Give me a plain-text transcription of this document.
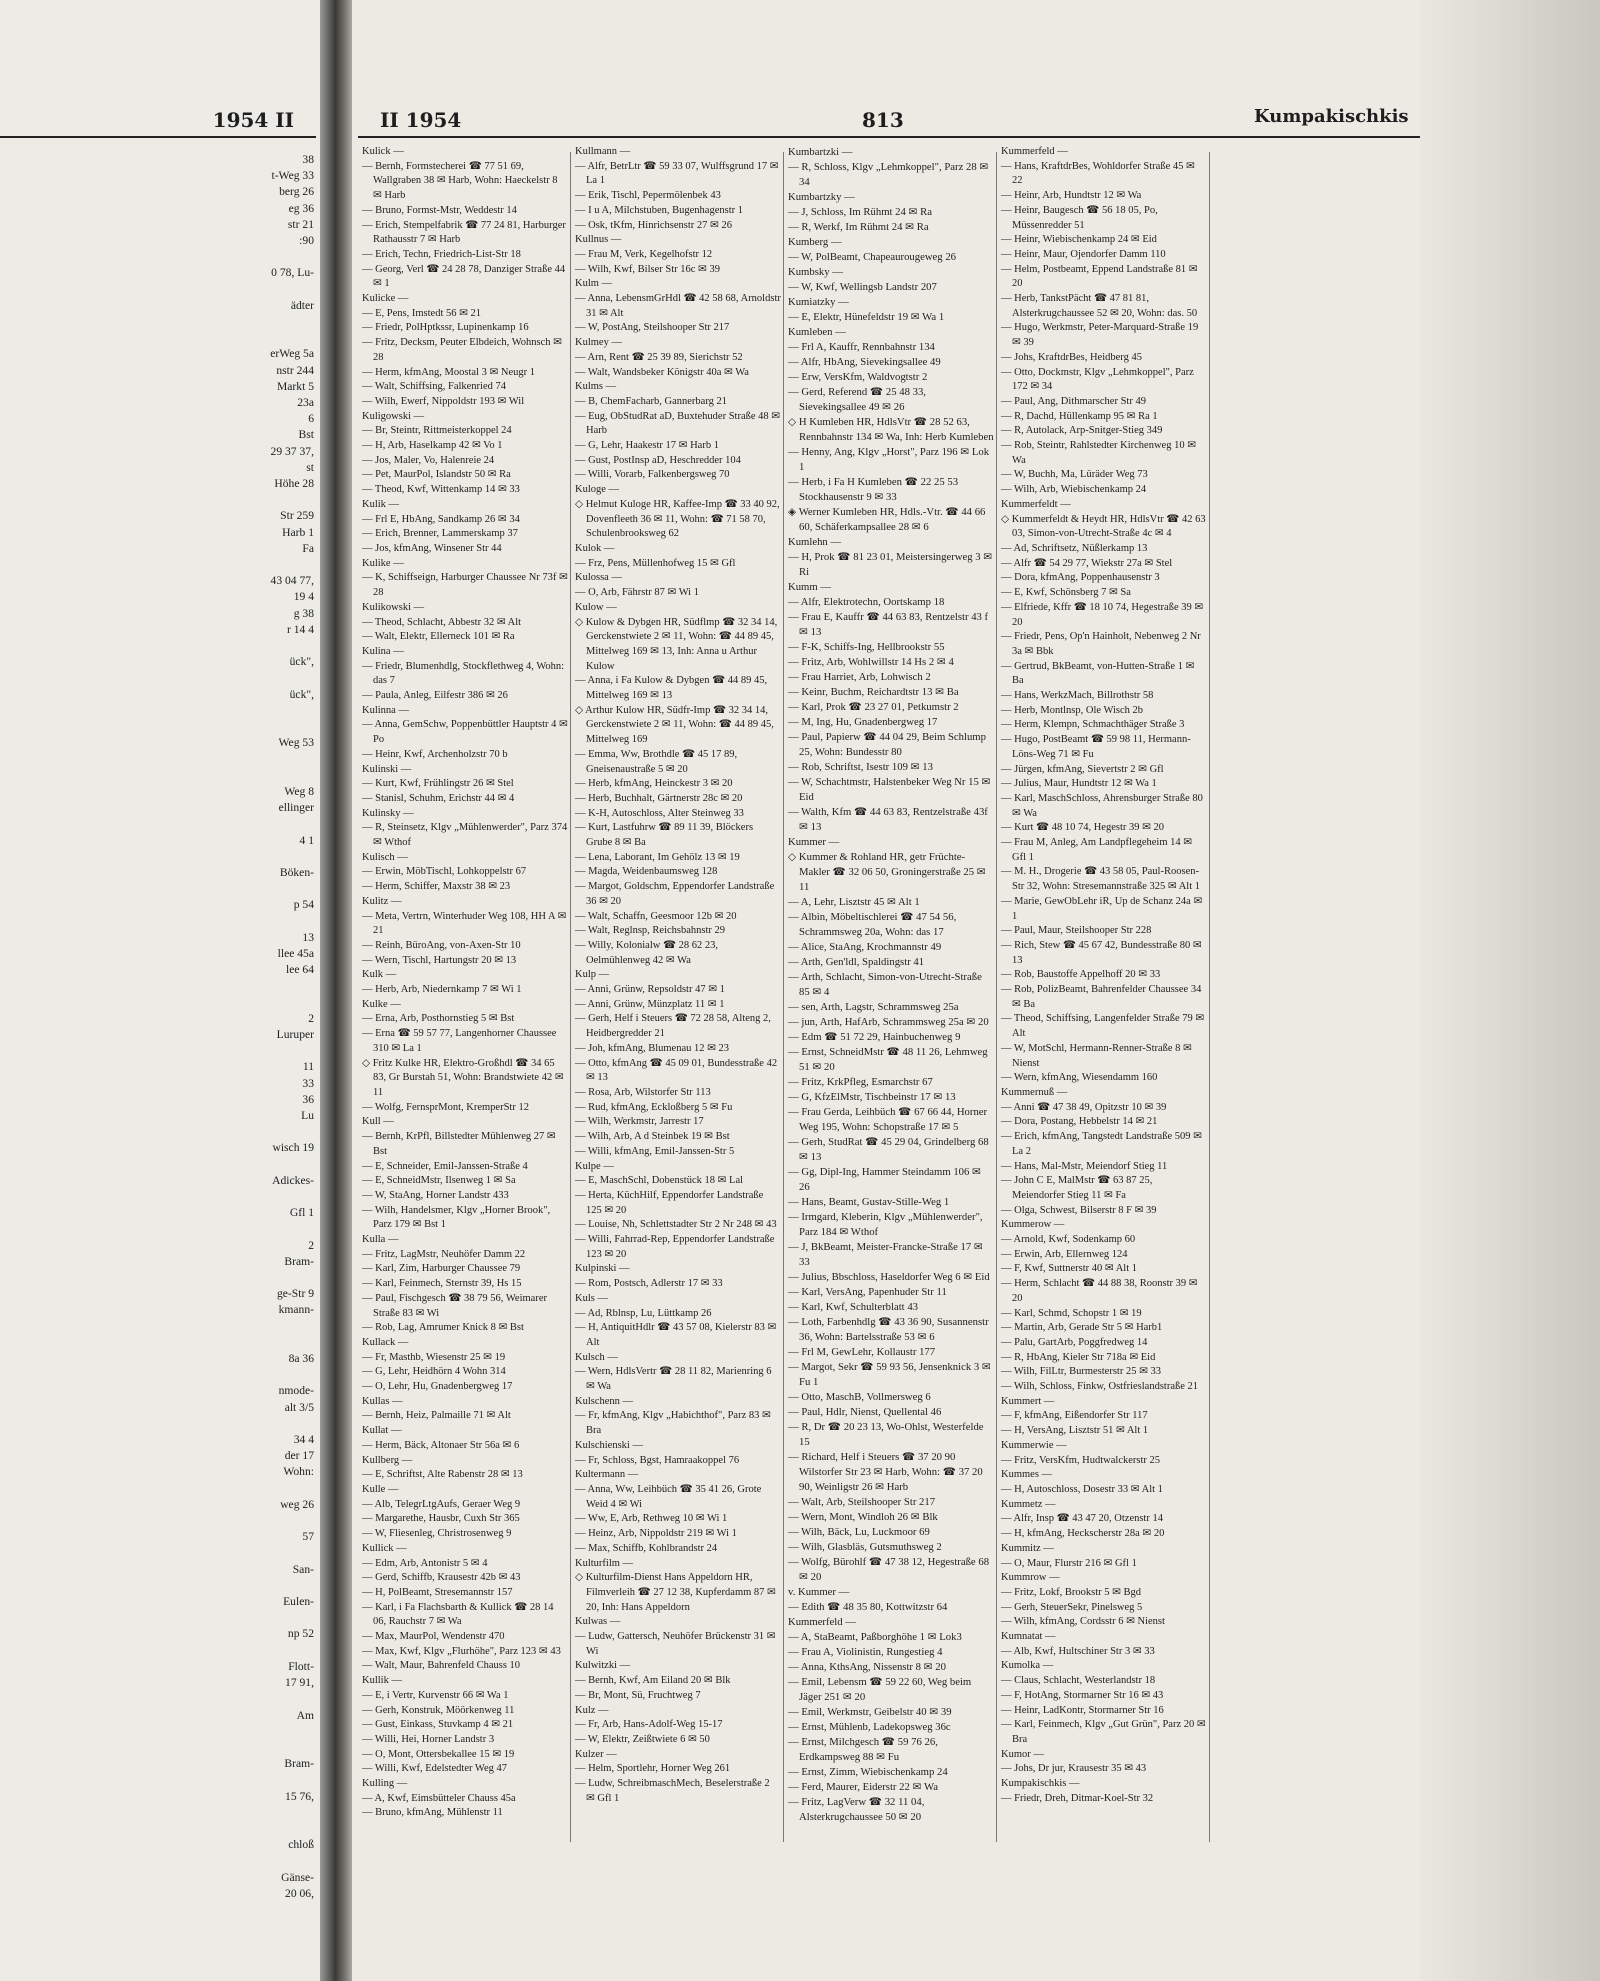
1954 II
38
t-Weg 33
berg 26
eg 36
str 21
:90

0 78, Lu-

ädter

erWeg 5a
nstr 244
Markt 5
23a
6
Bst
29 37 37,
st
Höhe 28

Str 259
Harb 1
Fa

43 04 77,
19 4
g 38
r 14 4

ück",

ück",

Weg 53

Weg 8
ellinger

4 1

Böken-

p 54

13
llee 45a
lee 64

2
Luruper

11
33
36
Lu

wisch 19

Adickes-

Gfl 1

2
Bram-

ge-Str 9
kmann-

8a 36

nmode-
alt 3/5

34 4
der 17
Wohn:

weg 26

57

San-

Eulen-

np 52

Flott-
17 91,

Am

Bram-

15 76,

chloß

Gänse-
20 06,
II 1954	813	Kumpakischkis
Kulick —
— Bernh, Formstecherei ☎ 77 51 69, Wallgraben 38 ✉ Harb, Wohn: Haeckelstr 8 ✉ Harb
— Bruno, Formst-Mstr, Weddestr 14
— Erich, Stempelfabrik ☎ 77 24 81, Harburger Rathausstr 7 ✉ Harb
— Erich, Techn, Friedrich-List-Str 18
— Georg, Verl ☎ 24 28 78, Danziger Straße 44 ✉ 1
Kulicke —
— E, Pens, Imstedt 56 ✉ 21
— Friedr, PolHptkssr, Lupinenkamp 16
— Fritz, Decksm, Peuter Elbdeich, Wohnsch ✉ 28
— Herm, kfmAng, Moostal 3 ✉ Neugr 1
— Walt, Schiffsing, Falkenried 74
— Wilh, Ewerf, Nippoldstr 193 ✉ Wil
Kuligowski —
— Br, Steintr, Rittmeisterkoppel 24
— H, Arb, Haselkamp 42 ✉ Vo 1
— Jos, Maler, Vo, Halenreie 24
— Pet, MaurPol, Islandstr 50 ✉ Ra
— Theod, Kwf, Wittenkamp 14 ✉ 33
Kulik —
— Frl E, HbAng, Sandkamp 26 ✉ 34
— Erich, Brenner, Lammerskamp 37
— Jos, kfmAng, Winsener Str 44
Kulike —
— K, Schiffseign, Harburger Chaussee Nr 73f ✉ 28
Kulikowski —
— Theod, Schlacht, Abbestr 32 ✉ Alt
— Walt, Elektr, Ellerneck 101 ✉ Ra
Kulina —
— Friedr, Blumenhdlg, Stockflethweg 4, Wohn: das 7
— Paula, Anleg, Eilfestr 386 ✉ 26
Kulinna —
— Anna, GemSchw, Poppenbüttler Hauptstr 4 ✉ Po
— Heinr, Kwf, Archenholzstr 70 b
Kulinski —
— Kurt, Kwf, Frühlingstr 26 ✉ Stel
— Stanisl, Schuhm, Erichstr 44 ✉ 4
Kulinsky —
— R, Steinsetz, Klgv „Mühlenwerder", Parz 374 ✉ Wthof
Kulisch —
— Erwin, MöbTischl, Lohkoppelstr 67
— Herm, Schiffer, Maxstr 38 ✉ 23
Kulitz —
— Meta, Vertrn, Winterhuder Weg 108, HH A ✉ 21
— Reinh, BüroAng, von-Axen-Str 10
— Wern, Tischl, Hartungstr 20 ✉ 13
Kulk —
— Herb, Arb, Niedernkamp 7 ✉ Wi 1
Kulke —
— Erna, Arb, Posthornstieg 5 ✉ Bst
— Erna ☎ 59 57 77, Langenhorner Chaussee 310 ✉ La 1
◇ Fritz Kulke HR, Elektro-Großhdl ☎ 34 65 83, Gr Burstah 51, Wohn: Brandstwiete 42 ✉ 11
— Wolfg, FernsprMont, KremperStr 12
Kull —
— Bernh, KrPfl, Billstedter Mühlenweg 27 ✉ Bst
— E, Schneider, Emil-Janssen-Straße 4
— E, SchneidMstr, Ilsenweg 1 ✉ Sa
— W, StaAng, Horner Landstr 433
— Wilh, Handelsmer, Klgv „Horner Brook", Parz 179 ✉ Bst 1
Kulla —
— Fritz, LagMstr, Neuhöfer Damm 22
— Karl, Zim, Harburger Chaussee 79
— Karl, Feinmech, Sternstr 39, Hs 15
— Paul, Fischgesch ☎ 38 79 56, Weimarer Straße 83 ✉ Wi
— Rob, Lag, Amrumer Knick 8 ✉ Bst
Kullack —
— Fr, Masthb, Wiesenstr 25 ✉ 19
— G, Lehr, Heidhörn 4 Wohn 314
— O, Lehr, Hu, Gnadenbergweg 17
Kullas —
— Bernh, Heiz, Palmaille 71 ✉ Alt
Kullat —
— Herm, Bäck, Altonaer Str 56a ✉ 6
Kullberg —
— E, Schriftst, Alte Rabenstr 28 ✉ 13
Kulle —
— Alb, TelegrLtgAufs, Geraer Weg 9
— Margarethe, Hausbr, Cuxh Str 365
— W, Fliesenleg, Christrosenweg 9
Kullick —
— Edm, Arb, Antonistr 5 ✉ 4
— Gerd, Schiffb, Krausestr 42b ✉ 43
— H, PolBeamt, Stresemannstr 157
— Karl, i Fa Flachsbarth & Kullick ☎ 28 14 06, Rauchstr 7 ✉ Wa
— Max, MaurPol, Wendenstr 470
— Max, Kwf, Klgv „Flurhöhe", Parz 123 ✉ 43
— Walt, Maur, Bahrenfeld Chauss 10
Kullik —
— E, i Vertr, Kurvenstr 66 ✉ Wa 1
— Gerh, Konstruk, Möörkenweg 11
— Gust, Einkass, Stuvkamp 4 ✉ 21
— Willi, Hei, Horner Landstr 3
— O, Mont, Ottersbekallee 15 ✉ 19
— Willi, Kwf, Edelstedter Weg 47
Kulling —
— A, Kwf, Eimsbütteler Chauss 45a
— Bruno, kfmAng, Mühlenstr 11
Kullmann —
— Alfr, BetrLtr ☎ 59 33 07, Wulffsgrund 17 ✉ La 1
— Erik, Tischl, Pepermölenbek 43
— I u A, Milchstuben, Bugenhagenstr 1
— Osk, tKfm, Hinrichsenstr 27 ✉ 26
Kullnus —
— Frau M, Verk, Kegelhofstr 12
— Wilh, Kwf, Bilser Str 16c ✉ 39
Kulm —
— Anna, LebensmGrHdl ☎ 42 58 68, Arnoldstr 31 ✉ Alt
— W, PostAng, Steilshooper Str 217
Kulmey —
— Arn, Rent ☎ 25 39 89, Sierichstr 52
— Walt, Wandsbeker Königstr 40a ✉ Wa
Kulms —
— B, ChemFacharb, Gannerbarg 21
— Eug, ObStudRat aD, Buxtehuder Straße 48 ✉ Harb
— G, Lehr, Haakestr 17 ✉ Harb 1
— Gust, PostInsp aD, Heschredder 104
— Willi, Vorarb, Falkenbergsweg 70
Kuloge —
◇ Helmut Kuloge HR, Kaffee-Imp ☎ 33 40 92, Dovenfleeth 36 ✉ 11, Wohn: ☎ 71 58 70, Schulenbrooksweg 62
Kulok —
— Frz, Pens, Müllenhofweg 15 ✉ Gfl
Kulossa —
— O, Arb, Fährstr 87 ✉ Wi 1
Kulow —
◇ Kulow & Dybgen HR, Südflmp ☎ 32 34 14, Gerckenstwiete 2 ✉ 11, Wohn: ☎ 44 89 45, Mittelweg 169 ✉ 13, Inh: Anna u Arthur Kulow
— Anna, i Fa Kulow & Dybgen ☎ 44 89 45, Mittelweg 169 ✉ 13
◇ Arthur Kulow HR, Südfr-Imp ☎ 32 34 14, Gerckenstwiete 2 ✉ 11, Wohn: ☎ 44 89 45, Mittelweg 169
— Emma, Ww, Brothdle ☎ 45 17 89, Gneisenaustraße 5 ✉ 20
— Herb, kfmAng, Heinckestr 3 ✉ 20
— Herb, Buchhalt, Gärtnerstr 28c ✉ 20
— K-H, Autoschloss, Alter Steinweg 33
— Kurt, Lastfuhrw ☎ 89 11 39, Blöckers Grube 8 ✉ Ba
— Lena, Laborant, Im Gehölz 13 ✉ 19
— Magda, Weidenbaumsweg 128
— Margot, Goldschm, Eppendorfer Landstraße 36 ✉ 20
— Walt, Schaffn, Geesmoor 12b ✉ 20
— Walt, Reglnsp, Reichsbahnstr 29
— Willy, Kolonialw ☎ 28 62 23, Oelmühlenweg 42 ✉ Wa
Kulp —
— Anni, Grünw, Repsoldstr 47 ✉ 1
— Anni, Grünw, Münzplatz 11 ✉ 1
— Gerh, Helf i Steuers ☎ 72 28 58, Alteng 2, Heidbergredder 21
— Joh, kfmAng, Blumenau 12 ✉ 23
— Otto, kfmAng ☎ 45 09 01, Bundesstraße 42 ✉ 13
— Rosa, Arb, Wilstorfer Str 113
— Rud, kfmAng, Eckloßberg 5 ✉ Fu
— Wilh, Werkmstr, Jarrestr 17
— Wilh, Arb, A d Steinbek 19 ✉ Bst
— Willi, kfmAng, Emil-Janssen-Str 5
Kulpe —
— E, MaschSchl, Dobenstück 18 ✉ Lal
— Herta, KüchHilf, Eppendorfer Landstraße 125 ✉ 20
— Louise, Nh, Schlettstadter Str 2 Nr 248 ✉ 43
— Willi, Fahrrad-Rep, Eppendorfer Landstraße 123 ✉ 20
Kulpinski —
— Rom, Postsch, Adlerstr 17 ✉ 33
Kuls —
— Ad, Rblnsp, Lu, Lüttkamp 26
— H, AntiquitHdlr ☎ 43 57 08, Kielerstr 83 ✉ Alt
Kulsch —
— Wern, HdlsVertr ☎ 28 11 82, Marienring 6 ✉ Wa
Kulschenn —
— Fr, kfmAng, Klgv „Habichthof", Parz 83 ✉ Bra
Kulschienski —
— Fr, Schloss, Bgst, Hamraakoppel 76
Kultermann —
— Anna, Ww, Leihbüch ☎ 35 41 26, Grote Weid 4 ✉ Wi
— Ww, E, Arb, Rethweg 10 ✉ Wi 1
— Heinz, Arb, Nippoldstr 219 ✉ Wi 1
— Max, Schiffb, Kohlbrandstr 24
Kulturfilm —
◇ Kulturfilm-Dienst Hans Appeldorn HR, Filmverleih ☎ 27 12 38, Kupferdamm 87 ✉ 20, Inh: Hans Appeldorn
Kulwas —
— Ludw, Gattersch, Neuhöfer Brückenstr 31 ✉ Wi
Kulwitzki —
— Bernh, Kwf, Am Eiland 20 ✉ Blk
— Br, Mont, Sü, Fruchtweg 7
Kulz —
— Fr, Arb, Hans-Adolf-Weg 15-17
— W, Elektr, Zeißtwiete 6 ✉ 50
Kulzer —
— Helm, Sportlehr, Horner Weg 261
— Ludw, SchreibmaschMech, Beselerstraße 2 ✉ Gfl 1
Kumbartzki —
— R, Schloss, Klgv „Lehmkoppel", Parz 28 ✉ 34
Kumbartzky —
— J, Schloss, Im Rühmt 24 ✉ Ra
— R, Werkf, Im Rühmt 24 ✉ Ra
Kumberg —
— W, PolBeamt, Chapeaurougeweg 26
Kumbsky —
— W, Kwf, Wellingsb Landstr 207
Kumiatzky —
— E, Elektr, Hünefeldstr 19 ✉ Wa 1
Kumleben —
— Frl A, Kauffr, Rennbahnstr 134
— Alfr, HbAng, Sievekingsallee 49
— Erw, VersKfm, Waldvogtstr 2
— Gerd, Referend ☎ 25 48 33, Sievekingsallee 49 ✉ 26
◇ H Kumleben HR, HdlsVtr ☎ 28 52 63, Rennbahnstr 134 ✉ Wa, Inh: Herb Kumleben
— Henny, Ang, Klgv „Horst", Parz 196 ✉ Lok 1
— Herb, i Fa H Kumleben ☎ 22 25 53 Stockhausenstr 9 ✉ 33
◈ Werner Kumleben HR, Hdls.-Vtr. ☎ 44 66 60, Schäferkampsallee 28 ✉ 6
Kumlehn —
— H, Prok ☎ 81 23 01, Meistersingerweg 3 ✉ Ri
Kumm —
— Alfr, Elektrotechn, Oortskamp 18
— Frau E, Kauffr ☎ 44 63 83, Rentzelstr 43 f ✉ 13
— F-K, Schiffs-Ing, Hellbrookstr 55
— Fritz, Arb, Wohlwillstr 14 Hs 2 ✉ 4
— Frau Harriet, Arb, Lohwisch 2
— Keinr, Buchm, Reichardtstr 13 ✉ Ba
— Karl, Prok ☎ 23 27 01, Petkumstr 2
— M, Ing, Hu, Gnadenbergweg 17
— Paul, Papierw ☎ 44 04 29, Beim Schlump 25, Wohn: Bundesstr 80
— Rob, Schriftst, Isestr 109 ✉ 13
— W, Schachtmstr, Halstenbeker Weg Nr 15 ✉ Eid
— Walth, Kfm ☎ 44 63 83, Rentzelstraße 43f ✉ 13
Kummer —
◇ Kummer & Rohland HR, getr Früchte-Makler ☎ 32 06 50, Groningerstraße 25 ✉ 11
— A, Lehr, Lisztstr 45 ✉ Alt 1
— Albin, Möbeltischlerei ☎ 47 54 56, Schrammsweg 20a, Wohn: das 17
— Alice, StaAng, Krochmannstr 49
— Arth, Gen'ldl, Spaldingstr 41
— Arth, Schlacht, Simon-von-Utrecht-Straße 85 ✉ 4
— sen, Arth, Lagstr, Schrammsweg 25a
— jun, Arth, HafArb, Schrammsweg 25a ✉ 20
— Edm ☎ 51 72 29, Hainbuchenweg 9
— Ernst, SchneidMstr ☎ 48 11 26, Lehmweg 51 ✉ 20
— Fritz, KrkPfleg, Esmarchstr 67
— G, KfzElMstr, Tischbeinstr 17 ✉ 13
— Frau Gerda, Leihbüch ☎ 67 66 44, Horner Weg 195, Wohn: Schopstraße 17 ✉ 5
— Gerh, StudRat ☎ 45 29 04, Grindelberg 68 ✉ 13
— Gg, Dipl-Ing, Hammer Steindamm 106 ✉ 26
— Hans, Beamt, Gustav-Stille-Weg 1
— Irmgard, Kleberin, Klgv „Mühlenwerder", Parz 184 ✉ Wthof
— J, BkBeamt, Meister-Francke-Straße 17 ✉ 33
— Julius, Bbschloss, Haseldorfer Weg 6 ✉ Eid
— Karl, VersAng, Papenhuder Str 11
— Karl, Kwf, Schulterblatt 43
— Loth, Farbenhdlg ☎ 43 36 90, Susannenstr 36, Wohn: Bartelsstraße 53 ✉ 6
— Frl M, GewLehr, Kollaustr 177
— Margot, Sekr ☎ 59 93 56, Jensenknick 3 ✉ Fu 1
— Otto, MaschB, Vollmersweg 6
— Paul, Hdlr, Nienst, Quellental 46
— R, Dr ☎ 20 23 13, Wo-Ohlst, Westerfelde 15
— Richard, Helf i Steuers ☎ 37 20 90 Wilstorfer Str 23 ✉ Harb, Wohn: ☎ 37 20 90, Weinligstr 26 ✉ Harb
— Walt, Arb, Steilshooper Str 217
— Wern, Mont, Windloh 26 ✉ Blk
— Wilh, Bäck, Lu, Luckmoor 69
— Wilh, Glasbläs, Gutsmuthsweg 2
— Wolfg, Bürohlf ☎ 47 38 12, Hegestraße 68 ✉ 20
v. Kummer —
— Edith ☎ 48 35 80, Kottwitzstr 64
Kummerfeld —
— A, StaBeamt, Paßborghöhe 1 ✉ Lok3
— Frau A, Violinistin, Rungestieg 4
— Anna, KthsAng, Nissenstr 8 ✉ 20
— Emil, Lebensm ☎ 59 22 60, Weg beim Jäger 251 ✉ 20
— Emil, Werkmstr, Geibelstr 40 ✉ 39
— Ernst, Mühlenb, Ladekopsweg 36c
— Ernst, Milchgesch ☎ 59 76 26, Erdkampsweg 88 ✉ Fu
— Ernst, Zimm, Wiebischenkamp 24
— Ferd, Maurer, Eiderstr 22 ✉ Wa
— Fritz, LagVerw ☎ 32 11 04, Alsterkrugchaussee 50 ✉ 20
Kummerfeld —
— Hans, KraftdrBes, Wohldorfer Straße 45 ✉ 22
— Heinr, Arb, Hundtstr 12 ✉ Wa
— Heinr, Baugesch ☎ 56 18 05, Po, Müssenredder 51
— Heinr, Wiebischenkamp 24 ✉ Eid
— Heinr, Maur, Ojendorfer Damm 110
— Helm, Postbeamt, Eppend Landstraße 81 ✉ 20
— Herb, TankstPächt ☎ 47 81 81, Alsterkrugchaussee 52 ✉ 20, Wohn: das. 50
— Hugo, Werkmstr, Peter-Marquard-Straße 19 ✉ 39
— Johs, KraftdrBes, Heidberg 45
— Otto, Dockmstr, Klgv „Lehmkoppel", Parz 172 ✉ 34
— Paul, Ang, Dithmarscher Str 49
— R, Dachd, Hüllenkamp 95 ✉ Ra 1
— R, Autolack, Arp-Snitger-Stieg 349
— Rob, Steintr, Rahlstedter Kirchenweg 10 ✉ Wa
— W, Buchh, Ma, Lüräder Weg 73
— Wilh, Arb, Wiebischenkamp 24
Kummerfeldt —
◇ Kummerfeldt & Heydt HR, HdlsVtr ☎ 42 63 03, Simon-von-Utrecht-Straße 4c ✉ 4
— Ad, Schriftsetz, Nüßlerkamp 13
— Alfr ☎ 54 29 77, Wiekstr 27a ✉ Stel
— Dora, kfmAng, Poppenhausenstr 3
— E, Kwf, Schönsberg 7 ✉ Sa
— Elfriede, Kffr ☎ 18 10 74, Hegestraße 39 ✉ 20
— Friedr, Pens, Op'n Hainholt, Nebenweg 2 Nr 3a ✉ Bbk
— Gertrud, BkBeamt, von-Hutten-Straße 1 ✉ Ba
— Hans, WerkzMach, Billrothstr 58
— Herb, Montlnsp, Ole Wisch 2b
— Herm, Klempn, Schmachthäger Straße 3
— Hugo, PostBeamt ☎ 59 98 11, Hermann-Löns-Weg 71 ✉ Fu
— Jürgen, kfmAng, Sievertstr 2 ✉ Gfl
— Julius, Maur, Hundtstr 12 ✉ Wa 1
— Karl, MaschSchloss, Ahrensburger Straße 80 ✉ Wa
— Kurt ☎ 48 10 74, Hegestr 39 ✉ 20
— Frau M, Anleg, Am Landpflegeheim 14 ✉ Gfl 1
— M. H., Drogerie ☎ 43 58 05, Paul-Roosen-Str 32, Wohn: Stresemannstraße 325 ✉ Alt 1
— Marie, GewObLehr iR, Up de Schanz 24a ✉ 1
— Paul, Maur, Steilshooper Str 228
— Rich, Stew ☎ 45 67 42, Bundesstraße 80 ✉ 13
— Rob, Baustoffe Appelhoff 20 ✉ 33
— Rob, PolizBeamt, Bahrenfelder Chaussee 34 ✉ Ba
— Theod, Schiffsing, Langenfelder Straße 79 ✉ Alt
— W, MotSchl, Hermann-Renner-Straße 8 ✉ Nienst
— Wern, kfmAng, Wiesendamm 160
Kummernuß —
— Anni ☎ 47 38 49, Opitzstr 10 ✉ 39
— Dora, Postang, Hebbelstr 14 ✉ 21
— Erich, kfmAng, Tangstedt Landstraße 509 ✉ La 2
— Hans, Mal-Mstr, Meiendorf Stieg 11
— John C E, MalMstr ☎ 63 87 25, Meiendorfer Stieg 11 ✉ Fa
— Olga, Schwest, Bilserstr 8 F ✉ 39
Kummerow —
— Arnold, Kwf, Sodenkamp 60
— Erwin, Arb, Ellernweg 124
— F, Kwf, Suttnerstr 40 ✉ Alt 1
— Herm, Schlacht ☎ 44 88 38, Roonstr 39 ✉ 20
— Karl, Schmd, Schopstr 1 ✉ 19
— Martin, Arb, Gerade Str 5 ✉ Harb1
— Palu, GartArb, Poggfredweg 14
— R, HbAng, Kieler Str 718a ✉ Eid
— Wilh, FilLtr, Burmesterstr 25 ✉ 33
— Wilh, Schloss, Finkw, Ostfrieslandstraße 21
Kummert —
— F, kfmAng, Eißendorfer Str 117
— H, VersAng, Lisztstr 51 ✉ Alt 1
Kummerwie —
— Fritz, VersKfm, Hudtwalckerstr 25
Kummes —
— H, Autoschloss, Dosestr 33 ✉ Alt 1
Kummetz —
— Alfr, Insp ☎ 43 47 20, Otzenstr 14
— H, kfmAng, Heckscherstr 28a ✉ 20
Kummitz —
— O, Maur, Flurstr 216 ✉ Gfl 1
Kummrow —
— Fritz, Lokf, Brookstr 5 ✉ Bgd
— Gerh, SteuerSekr, Pinelsweg 5
— Wilh, kfmAng, Cordsstr 6 ✉ Nienst
Kumnatat —
— Alb, Kwf, Hultschiner Str 3 ✉ 33
Kumolka —
— Claus, Schlacht, Westerlandstr 18
— F, HotAng, Stormarner Str 16 ✉ 43
— Heinr, LadKontr, Stormarner Str 16
— Karl, Feinmech, Klgv „Gut Grün", Parz 20 ✉ Bra
Kumor —
— Johs, Dr jur, Krausestr 35 ✉ 43
Kumpakischkis —
— Friedr, Dreh, Ditmar-Koel-Str 32
